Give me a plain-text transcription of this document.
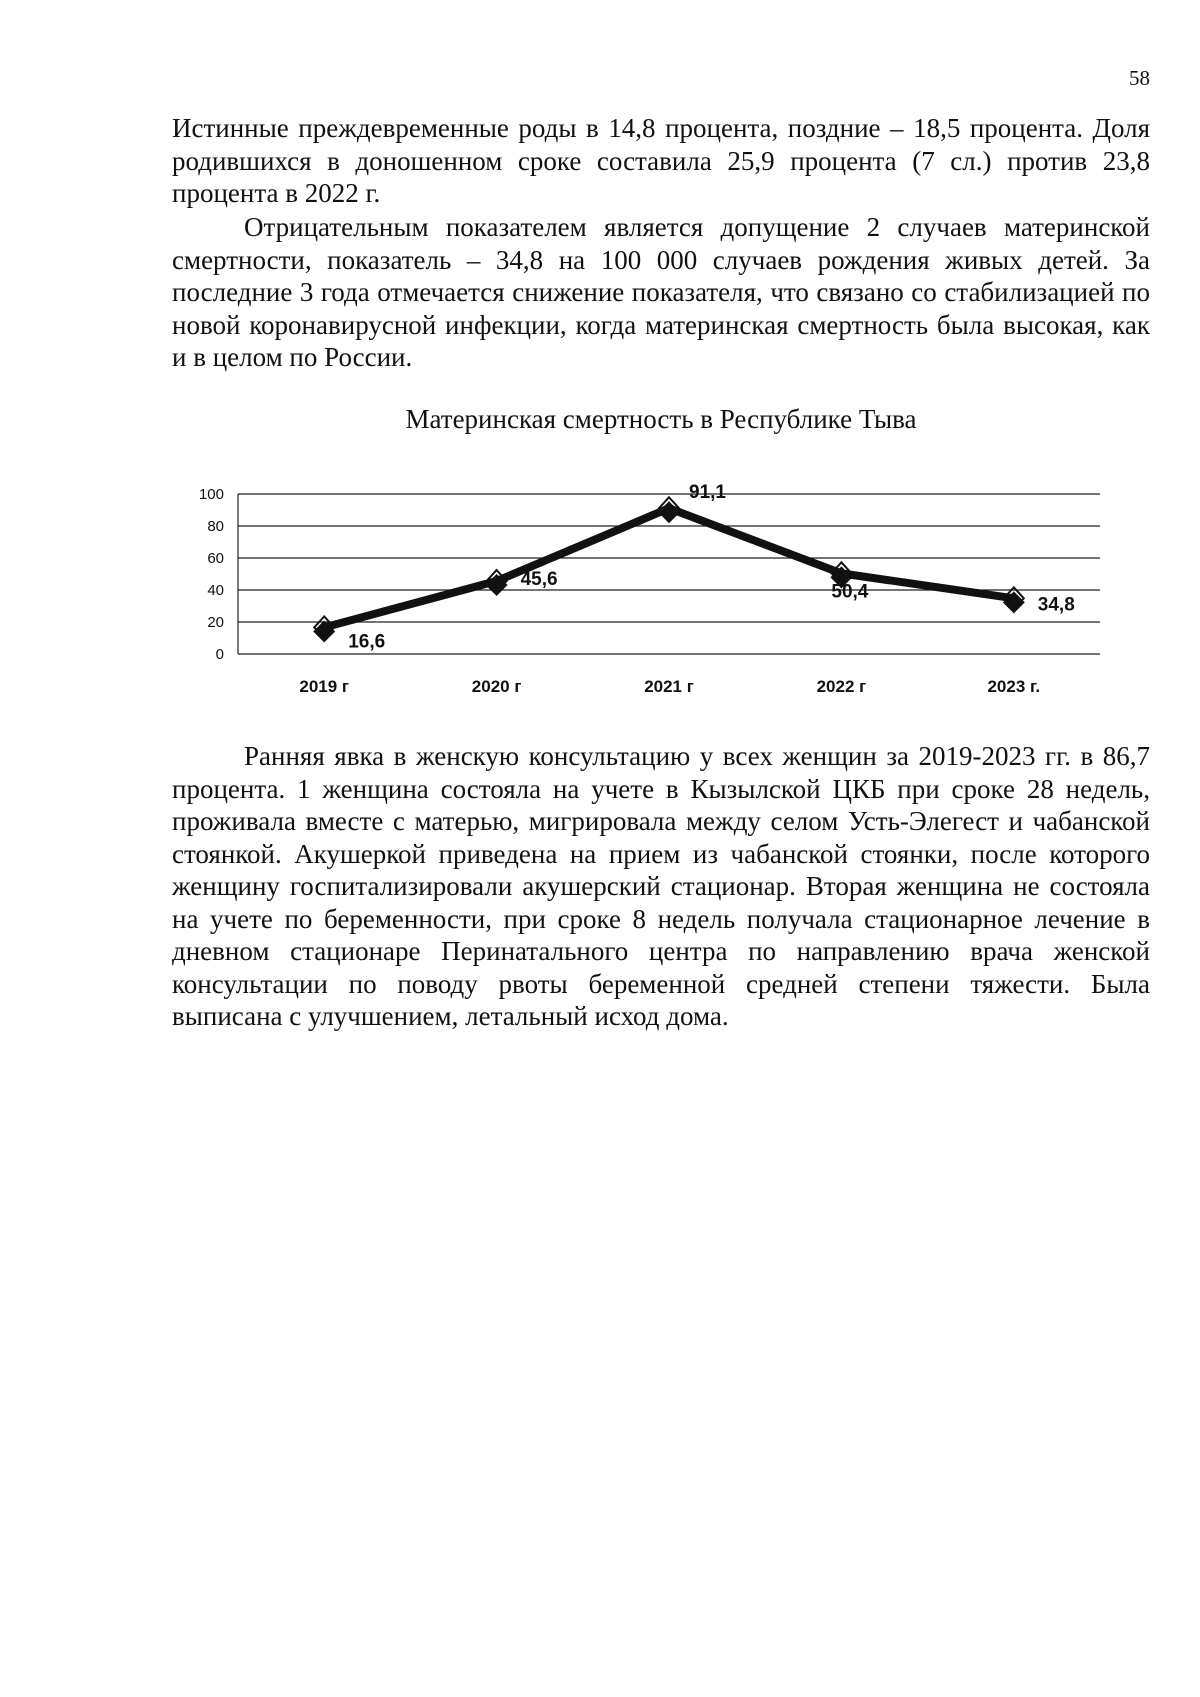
58

Истинные преждевременные роды в 14,8 процента, поздние – 18,5 процента. Доля родившихся в доношенном сроке составила 25,9 процента (7 сл.) против 23,8 процента в 2022 г.

Отрицательным показателем является допущение 2 случаев материнской смертности, показатель – 34,8 на 100 000 случаев рождения живых детей. За последние 3 года отмечается снижение показателя, что связано со стабилизацией по новой коронавирусной инфекции, когда материнская смертность была высокая, как и в целом по России.

Материнская смертность в Республике Тыва
0
20
40
60
80
100
2019 г	2020 г	2021 г	2022 г	2023 г.
16,6
45,6
91,1
50,4
34,8

Ранняя явка в женскую консультацию у всех женщин за 2019-2023 гг. в 86,7 процента. 1 женщина состояла на учете в Кызылской ЦКБ при сроке 28 недель, проживала вместе с матерью, мигрировала между селом Усть-Элегест и чабанской стоянкой. Акушеркой приведена на прием из чабанской стоянки, после которого женщину госпитализировали акушерский стационар. Вторая женщина не состояла на учете по беременности, при сроке 8 недель получала стационарное лечение в дневном стационаре Перинатального центра по направлению врача женской консультации по поводу рвоты беременной средней степени тяжести. Была выписана с улучшением, летальный исход дома.
